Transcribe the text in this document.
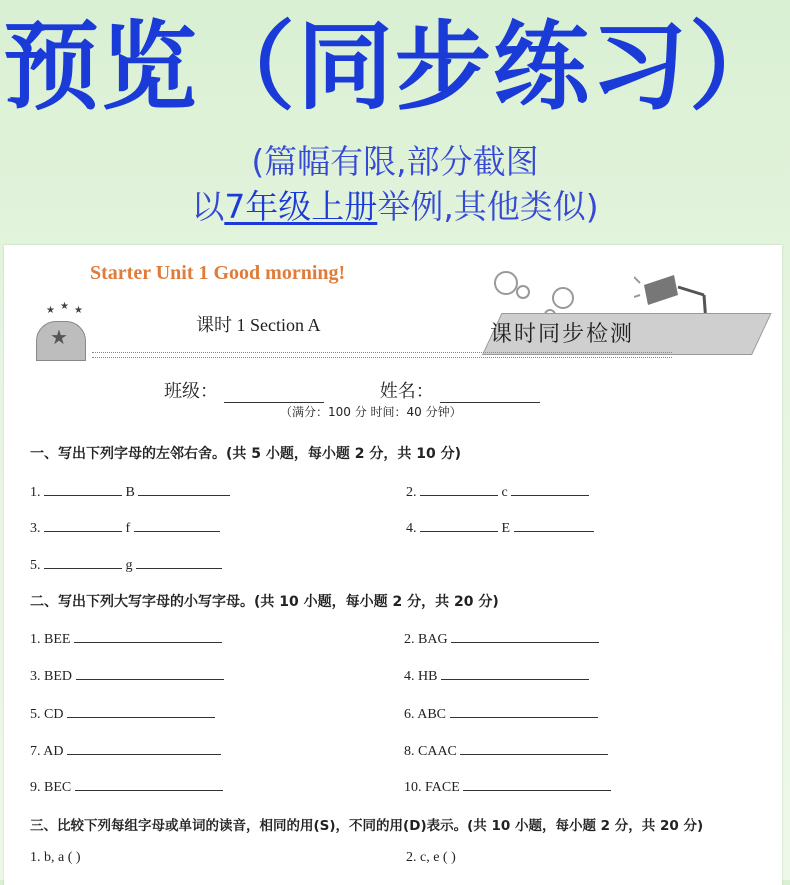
预览（同步练习）
(篇幅有限,部分截图
以7年级上册举例,其他类似)
★ ★ ★
★
Starter Unit 1 Good morning!
课时 1 Section A	课时同步检测
班级：	姓名：
（满分：100 分 时间：40 分钟）
一、写出下列字母的左邻右舍。(共 5 小题，每小题 2 分，共 10 分)
1.	B	2.	c
3.	f	4.	E
5.	g
二、写出下列大写字母的小写字母。(共 10 小题，每小题 2 分，共 20 分)
1. BEE	2. BAG
3. BED	4. HB
5. CD	6. ABC
7. AD	8. CAAC
9. BEC	10. FACE
三、比较下列每组字母或单词的读音，相同的用(S)，不同的用(D)表示。(共 10 小题，每小题 2 分，共 20 分)
1. b, a ( )	2. c, e ( )
